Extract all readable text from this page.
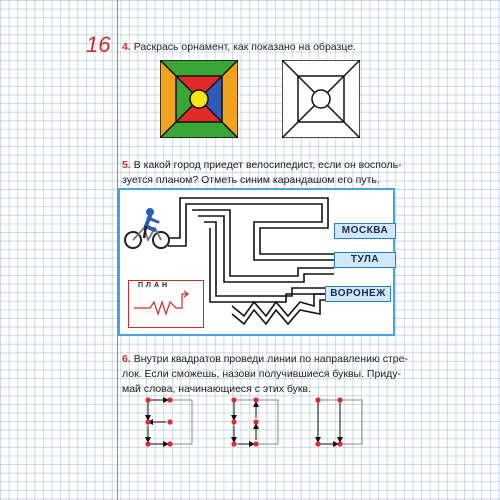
16 4. Раскрась орнамент, как показано на образце.
5. В какой город приедет велосипедист, если он восполь-
зуется планом? Отметь синим карандашом его путь.
МОСКВА
ТУЛА
ВОРОНЕЖ
ПЛАН
6. Внутри квадратов проведи линии по направлению стре-
лок. Если сможешь, назови получившиеся буквы. Приду-
май слова, начинающиеся с этих букв.
